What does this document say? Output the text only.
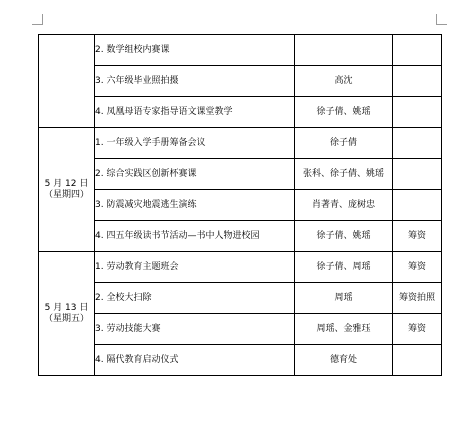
	2. 数学组校内赛课		
	3. 六年级毕业照拍摄	高沈	
	4. 凤凰母语专家指导语文课堂教学	徐子倩、姚瑶	

5 月 12 日
（星期四）	1. 一年级入学手册筹备会议	徐子倩	
	2. 综合实践区创新杯赛课	张科、徐子倩、姚瑶	
	3. 防震减灾地震逃生演练	肖著青、庞树忠	
	4. 四五年级读书节活动—书中人物进校园	徐子倩、姚瑶	筹资

5 月 13 日
（星期五）	1. 劳动教育主题班会	徐子倩、周瑶	筹资
	2. 全校大扫除	周瑶	筹资拍照
	3. 劳动技能大赛	周瑶、金雅珏	筹资
	4. 隔代教育启动仪式	德育处	
